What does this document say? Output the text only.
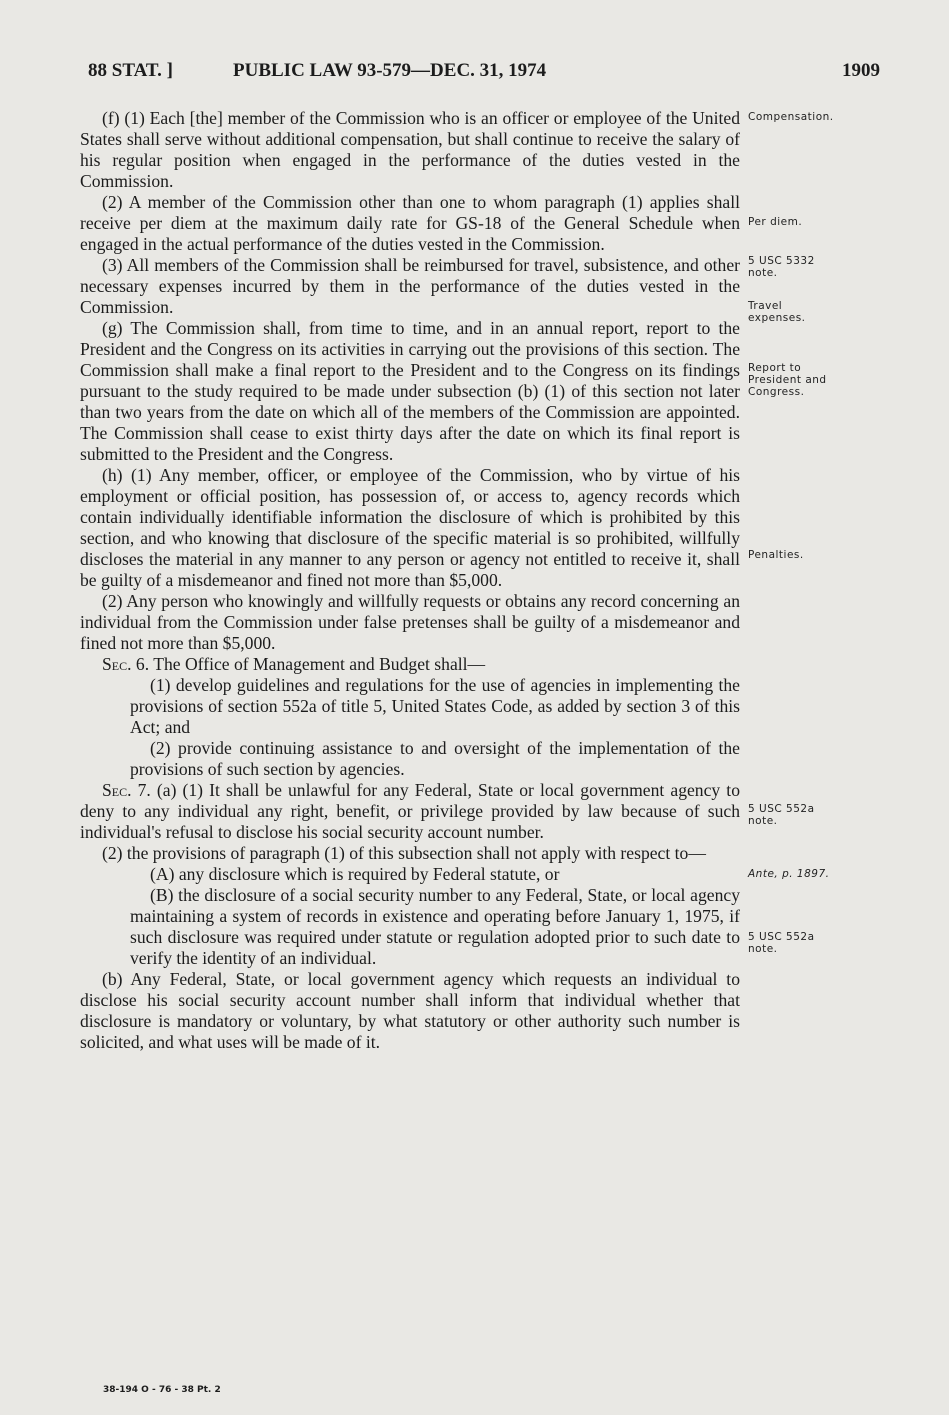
88 STAT. ]	PUBLIC LAW 93-579—DEC. 31, 1974	1909

(f) (1) Each [the] member of the Commission who is an officer or employee of the United States shall serve without additional compensation, but shall continue to receive the salary of his regular position when engaged in the performance of the duties vested in the Commission.

(2) A member of the Commission other than one to whom paragraph (1) applies shall receive per diem at the maximum daily rate for GS-18 of the General Schedule when engaged in the actual performance of the duties vested in the Commission.

(3) All members of the Commission shall be reimbursed for travel, subsistence, and other necessary expenses incurred by them in the performance of the duties vested in the Commission.

(g) The Commission shall, from time to time, and in an annual report, report to the President and the Congress on its activities in carrying out the provisions of this section. The Commission shall make a final report to the President and to the Congress on its findings pursuant to the study required to be made under subsection (b) (1) of this section not later than two years from the date on which all of the members of the Commission are appointed. The Commission shall cease to exist thirty days after the date on which its final report is submitted to the President and the Congress.

(h) (1) Any member, officer, or employee of the Commission, who by virtue of his employment or official position, has possession of, or access to, agency records which contain individually identifiable information the disclosure of which is prohibited by this section, and who knowing that disclosure of the specific material is so prohibited, willfully discloses the material in any manner to any person or agency not entitled to receive it, shall be guilty of a misdemeanor and fined not more than $5,000.

(2) Any person who knowingly and willfully requests or obtains any record concerning an individual from the Commission under false pretenses shall be guilty of a misdemeanor and fined not more than $5,000.

Sec. 6. The Office of Management and Budget shall—

(1) develop guidelines and regulations for the use of agencies in implementing the provisions of section 552a of title 5, United States Code, as added by section 3 of this Act; and

(2) provide continuing assistance to and oversight of the implementation of the provisions of such section by agencies.

Sec. 7. (a) (1) It shall be unlawful for any Federal, State or local government agency to deny to any individual any right, benefit, or privilege provided by law because of such individual's refusal to disclose his social security account number.

(2) the provisions of paragraph (1) of this subsection shall not apply with respect to—

(A) any disclosure which is required by Federal statute, or

(B) the disclosure of a social security number to any Federal, State, or local agency maintaining a system of records in existence and operating before January 1, 1975, if such disclosure was required under statute or regulation adopted prior to such date to verify the identity of an individual.

(b) Any Federal, State, or local government agency which requests an individual to disclose his social security account number shall inform that individual whether that disclosure is mandatory or voluntary, by what statutory or other authority such number is solicited, and what uses will be made of it.

Compensation.
Per diem.
5 USC 5332 note.
Travel expenses.
Report to President and Congress.
Penalties.
5 USC 552a note.
Ante, p. 1897.
5 USC 552a note.
38-194 O - 76 - 38 Pt. 2
